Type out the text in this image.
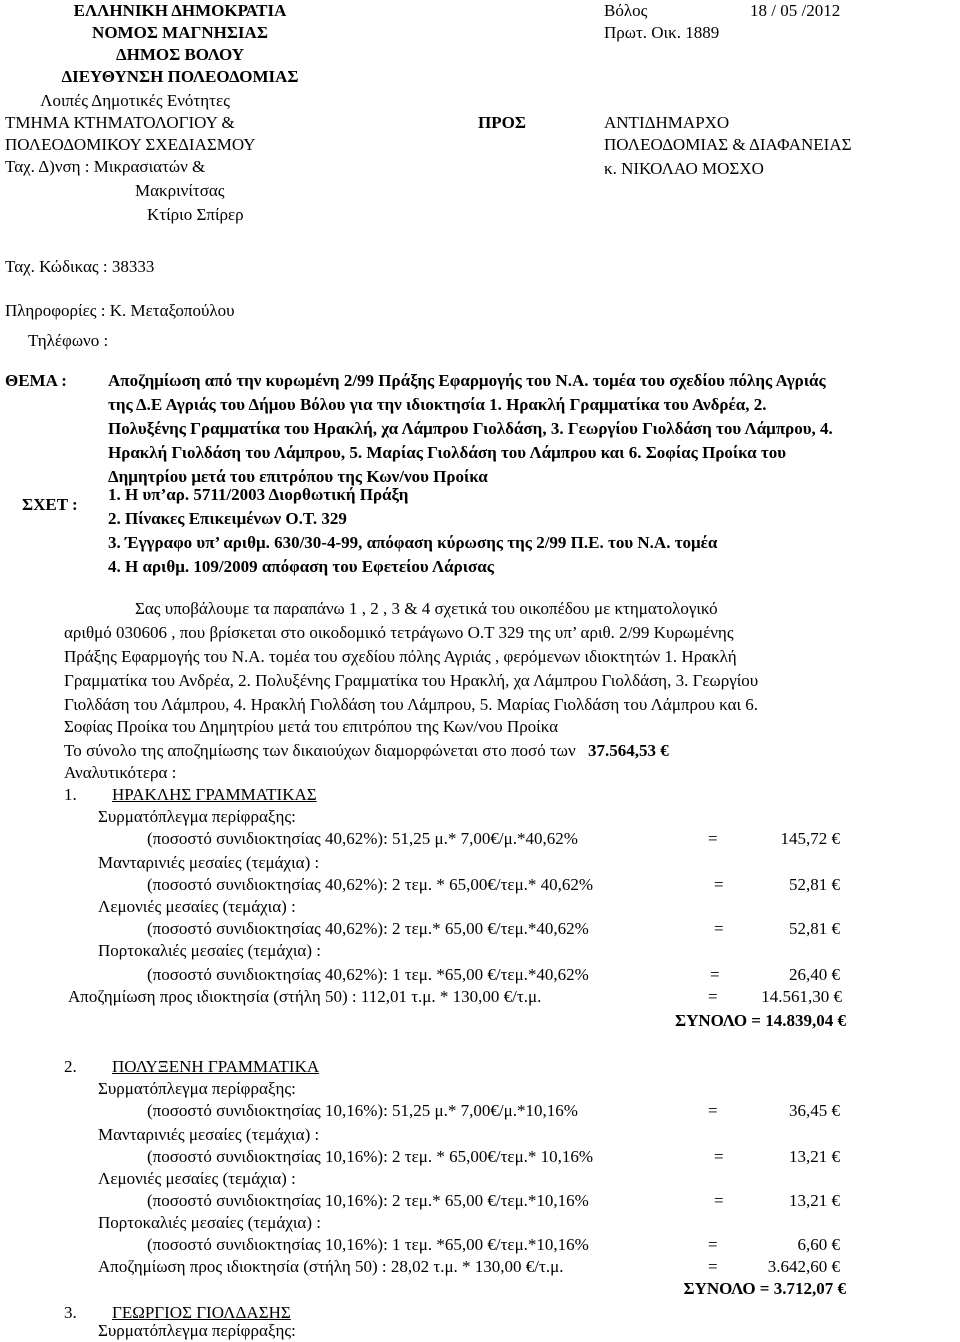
ΕΛΛΗΝΙΚΗ ΔΗΜΟΚΡΑΤΙΑ
ΝΟΜΟΣ ΜΑΓΝΗΣΙΑΣ
ΔΗΜΟΣ ΒΟΛΟΥ
ΔΙΕΥΘΥΝΣΗ ΠΟΛΕΟΔΟΜΙΑΣ
Λοιπές Δημοτικές Ενότητες
ΤΜΗΜΑ ΚΤΗΜΑΤΟΛΟΓΙΟΥ &
ΠΟΛΕΟΔΟΜΙΚΟΥ ΣΧΕΔΙΑΣΜΟΥ
Ταχ. Δ)νση : Μικρασιατών &
Μακρινίτσας
Κτίριο Σπίρερ
Βόλος	18 / 05 /2012
Πρωτ. Οικ. 1889
ΠΡΟΣ	ΑΝΤΙΔΗΜΑΡΧΟ
ΠΟΛΕΟΔΟΜΙΑΣ & ΔΙΑΦΑΝΕΙΑΣ
κ. ΝΙΚΟΛΑΟ ΜΟΣΧΟ
Ταχ. Κώδικας : 38333
Πληροφορίες : Κ. Μεταξοπούλου
Τηλέφωνο :
ΘΕΜΑ : Αποζημίωση από την κυρωμένη 2/99 Πράξης Εφαρμογής του Ν.Α. τομέα του σχεδίου πόλης Αγριάς
της Δ.Ε Αγριάς του Δήμου Βόλου για την ιδιοκτησία 1. Ηρακλή Γραμματίκα του Ανδρέα, 2.
Πολυξένης Γραμματίκα του Ηρακλή, χα Λάμπρου Γιολδάση, 3. Γεωργίου Γιολδάση του Λάμπρου, 4.
Ηρακλή Γιολδάση του Λάμπρου, 5. Μαρίας Γιολδάση του Λάμπρου και 6. Σοφίας Προίκα του
Δημητρίου μετά του επιτρόπου της Κων/νου Προίκα
ΣΧΕΤ :
1. Η υπ’αρ. 5711/2003 Διορθωτική Πράξη
2. Πίνακες Επικειμένων Ο.Τ. 329
3. Έγγραφο υπ’ αριθμ. 630/30-4-99, απόφαση κύρωσης της 2/99 Π.Ε. του Ν.Α. τομέα
4. Η αριθμ. 109/2009 απόφαση του Εφετείου Λάρισας
Σας υποβάλουμε τα παραπάνω 1 , 2 , 3 & 4 σχετικά του οικοπέδου με κτηματολογικό
αριθμό 030606 , που βρίσκεται στο οικοδομικό τετράγωνο Ο.Τ 329 της υπ’ αριθ. 2/99 Κυρωμένης
Πράξης Εφαρμογής του Ν.Α. τομέα του σχεδίου πόλης Αγριάς , φερόμενων ιδιοκτητών 1. Ηρακλή
Γραμματίκα του Ανδρέα, 2. Πολυξένης Γραμματίκα του Ηρακλή, χα Λάμπρου Γιολδάση, 3. Γεωργίου
Γιολδάση του Λάμπρου, 4. Ηρακλή Γιολδάση του Λάμπρου, 5. Μαρίας Γιολδάση του Λάμπρου και 6.
Σοφίας Προίκα του Δημητρίου μετά του επιτρόπου της Κων/νου Προίκα
Το σύνολο της αποζημίωσης των δικαιούχων διαμορφώνεται στο ποσό των 37.564,53 €
Αναλυτικότερα :
1. ΗΡΑΚΛΗΣ ΓΡΑΜΜΑΤΙΚΑΣ
Συρματόπλεγμα περίφραξης:
(ποσοστό συνιδιοκτησίας 40,62%): 51,25 μ.* 7,00€/μ.*40,62%	=	145,72 €
Μανταρινιές μεσαίες (τεμάχια) :
(ποσοστό συνιδιοκτησίας 40,62%): 2 τεμ. * 65,00€/τεμ.* 40,62%	=	52,81 €
Λεμονιές μεσαίες (τεμάχια) :
(ποσοστό συνιδιοκτησίας 40,62%): 2 τεμ.* 65,00 €/τεμ.*40,62%	=	52,81 €
Πορτοκαλιές μεσαίες (τεμάχια) :
(ποσοστό συνιδιοκτησίας 40,62%): 1 τεμ. *65,00 €/τεμ.*40,62%	=	26,40 €
Αποζημίωση προς ιδιοκτησία (στήλη 50) : 112,01 τ.μ. * 130,00 €/τ.μ.	=	14.561,30 €
ΣΥΝΟΛΟ = 14.839,04 €
2. ΠΟΛΥΞΕΝΗ ΓΡΑΜΜΑΤΙΚΑ
Συρματόπλεγμα περίφραξης:
(ποσοστό συνιδιοκτησίας 10,16%): 51,25 μ.* 7,00€/μ.*10,16%	=	36,45 €
Μανταρινιές μεσαίες (τεμάχια) :
(ποσοστό συνιδιοκτησίας 10,16%): 2 τεμ. * 65,00€/τεμ.* 10,16%	=	13,21 €
Λεμονιές μεσαίες (τεμάχια) :
(ποσοστό συνιδιοκτησίας 10,16%): 2 τεμ.* 65,00 €/τεμ.*10,16%	=	13,21 €
Πορτοκαλιές μεσαίες (τεμάχια) :
(ποσοστό συνιδιοκτησίας 10,16%): 1 τεμ. *65,00 €/τεμ.*10,16%	=	6,60 €
Αποζημίωση προς ιδιοκτησία (στήλη 50) : 28,02 τ.μ. * 130,00 €/τ.μ.	=	3.642,60 €
ΣΥΝΟΛΟ = 3.712,07 €
3. ΓΕΩΡΓΙΟΣ ΓΙΟΛΔΑΣΗΣ
Συρματόπλεγμα περίφραξης:
